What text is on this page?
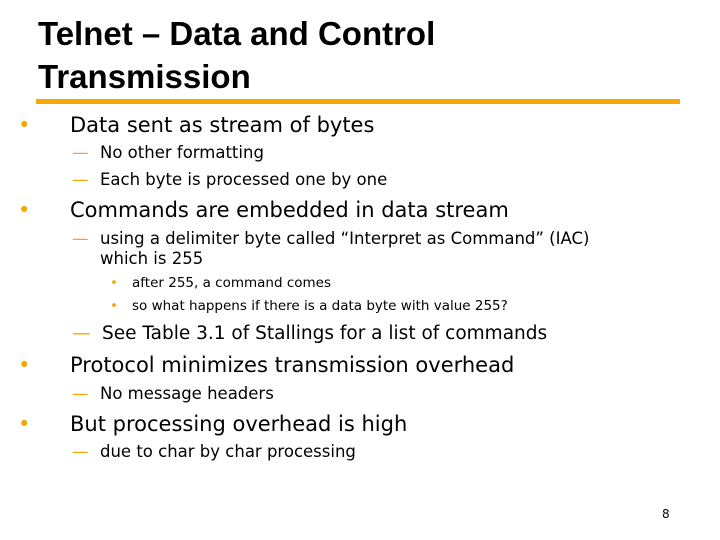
Telnet – Data and Control
Transmission
• Data sent as stream of bytes
— No other formatting
— Each byte is processed one by one
• Commands are embedded in data stream
— using a delimiter byte called “Interpret as Command” (IAC)
which is 255
• after 255, a command comes
• so what happens if there is a data byte with value 255?
— See Table 3.1 of Stallings for a list of commands
• Protocol minimizes transmission overhead
— No message headers
• But processing overhead is high
— due to char by char processing
8
